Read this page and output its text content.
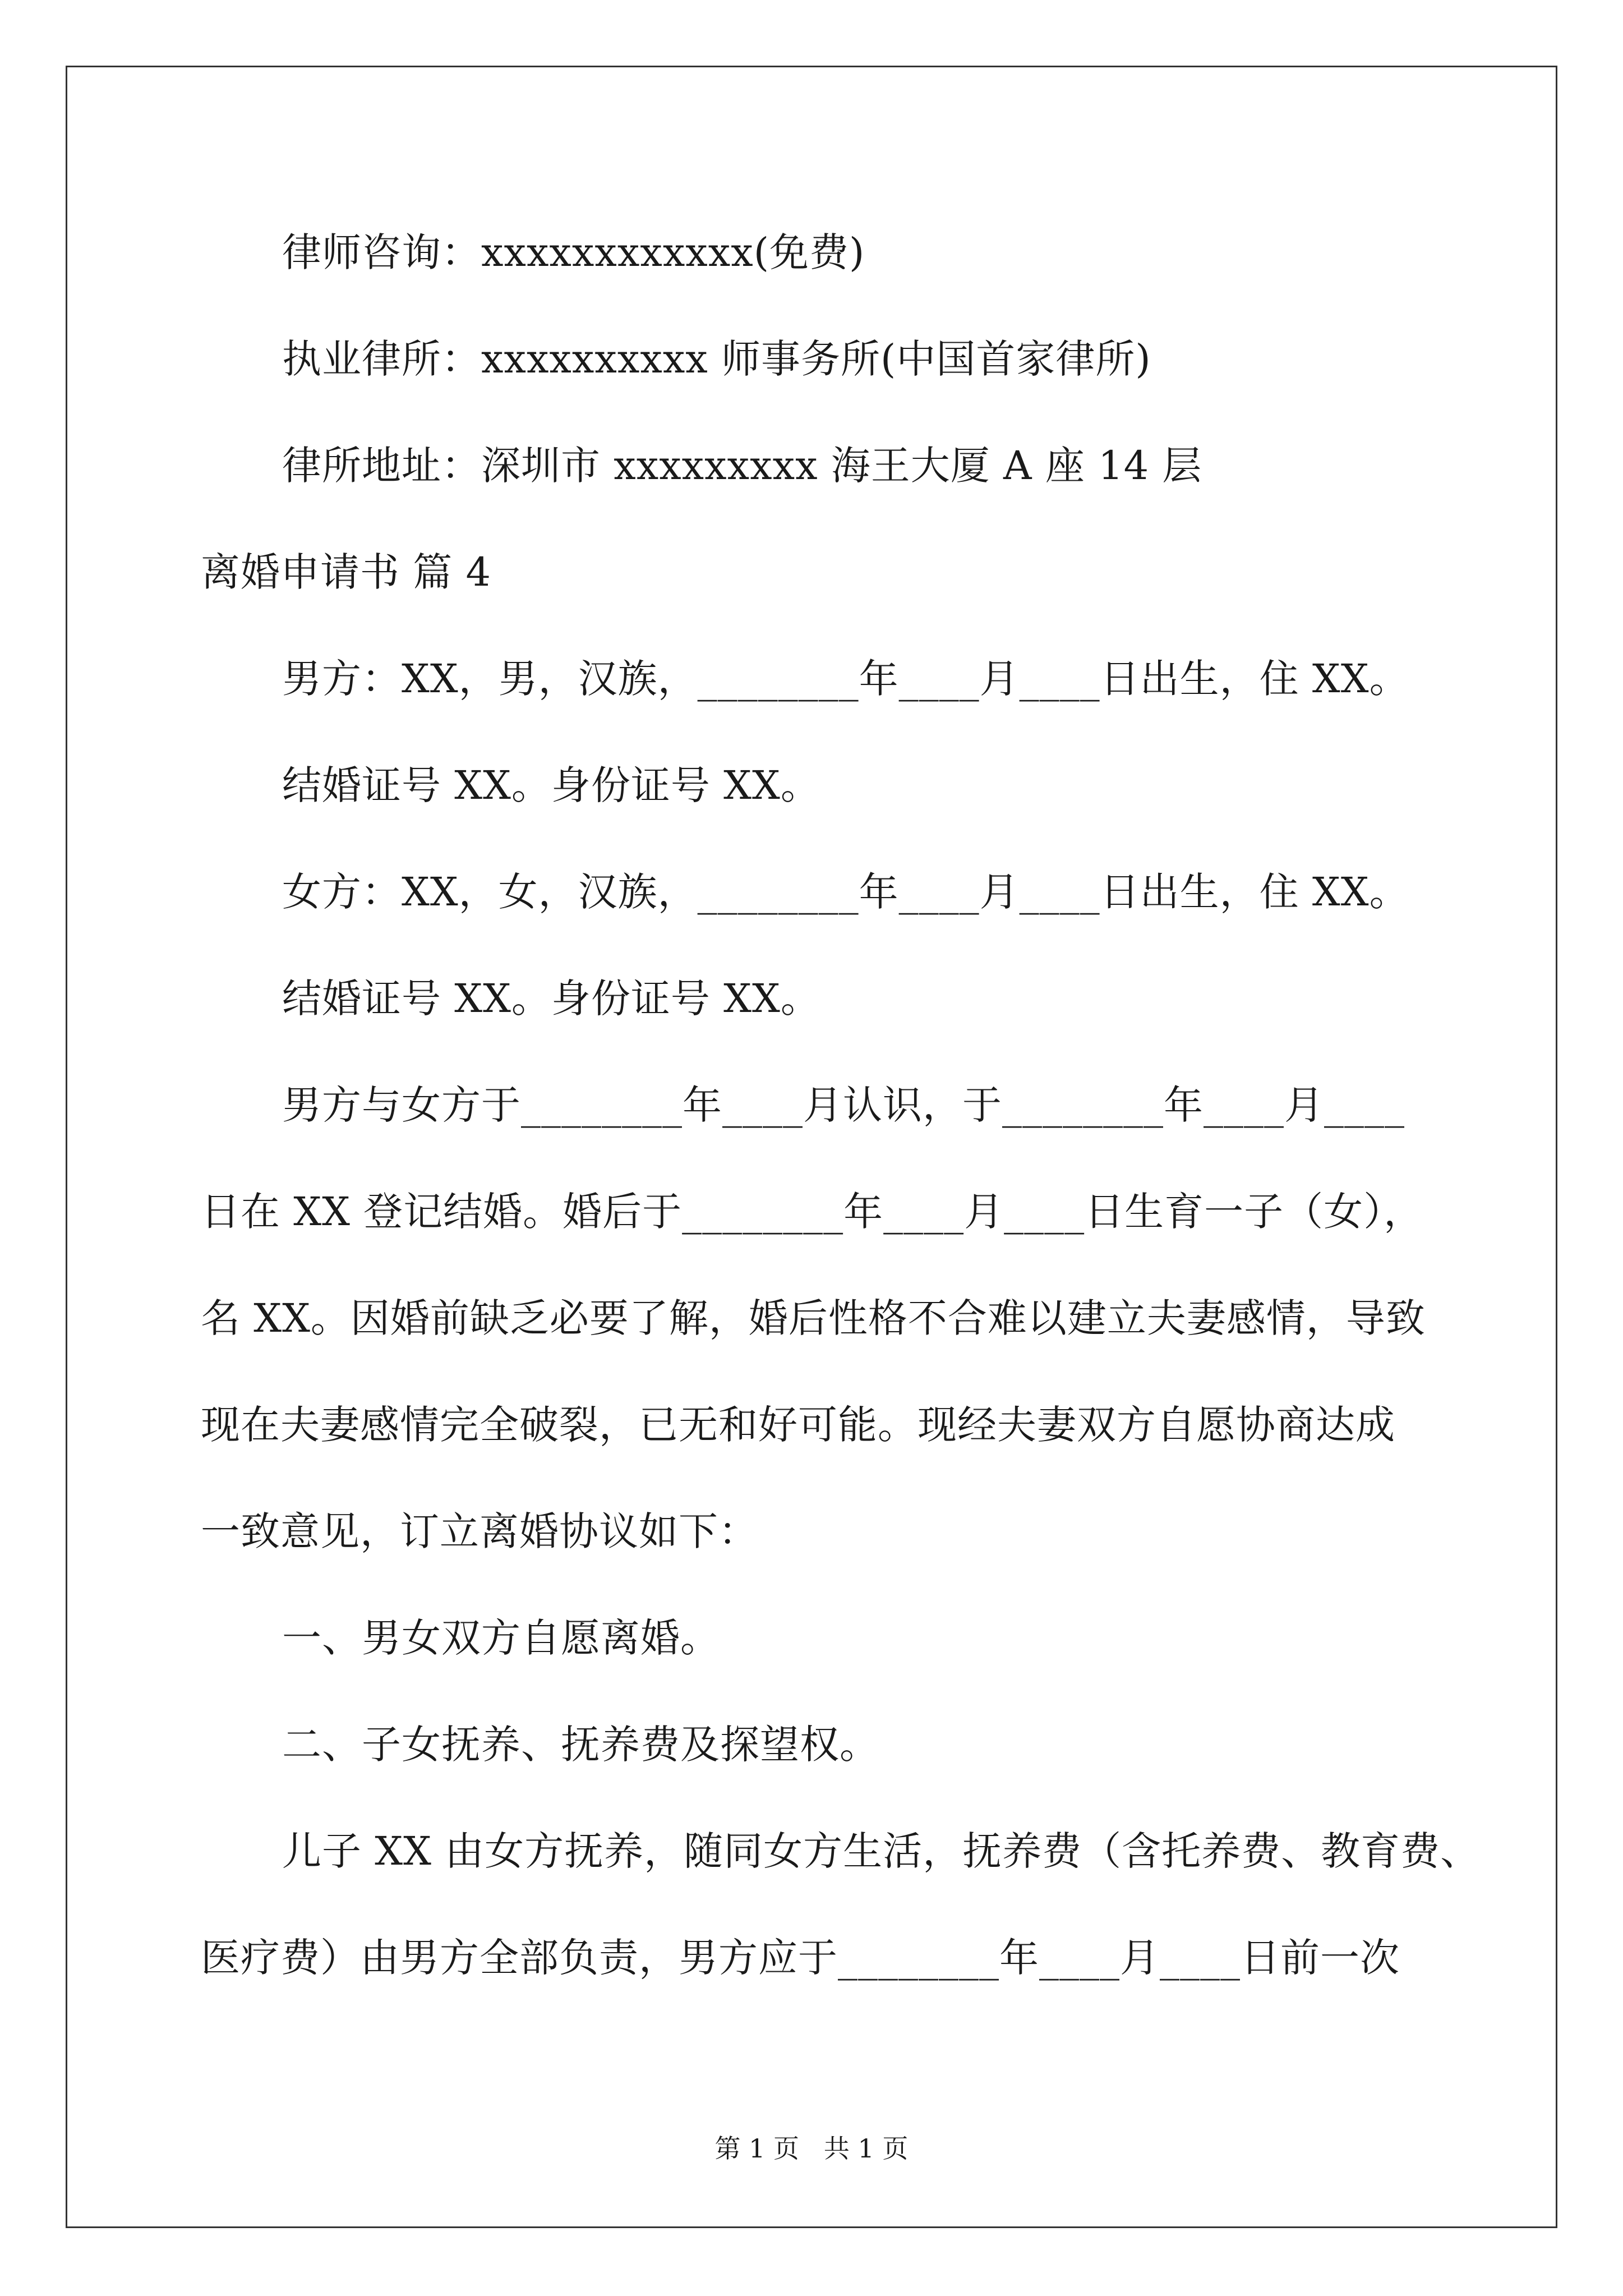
律师咨询：xxxxxxxxxxxx(免费)
执业律所：xxxxxxxxxx 师事务所(中国首家律所)
律所地址：深圳市 xxxxxxxxx 海王大厦 A 座 14 层
离婚申请书 篇 4
男方：XX，男，汉族，________年____月____日出生，住 XX。
结婚证号 XX。身份证号 XX。
女方：XX，女，汉族，________年____月____日出生，住 XX。
结婚证号 XX。身份证号 XX。
男方与女方于________年____月认识，于________年____月____
日在 XX 登记结婚。婚后于________年____月____日生育一子（女），
名 XX。因婚前缺乏必要了解，婚后性格不合难以建立夫妻感情，导致
现在夫妻感情完全破裂，已无和好可能。现经夫妻双方自愿协商达成
一致意见，订立离婚协议如下：
一、男女双方自愿离婚。
二、子女抚养、抚养费及探望权。
儿子 XX 由女方抚养，随同女方生活，抚养费（含托养费、教育费、
医疗费）由男方全部负责，男方应于________年____月____日前一次
第 1 页   共 1 页
